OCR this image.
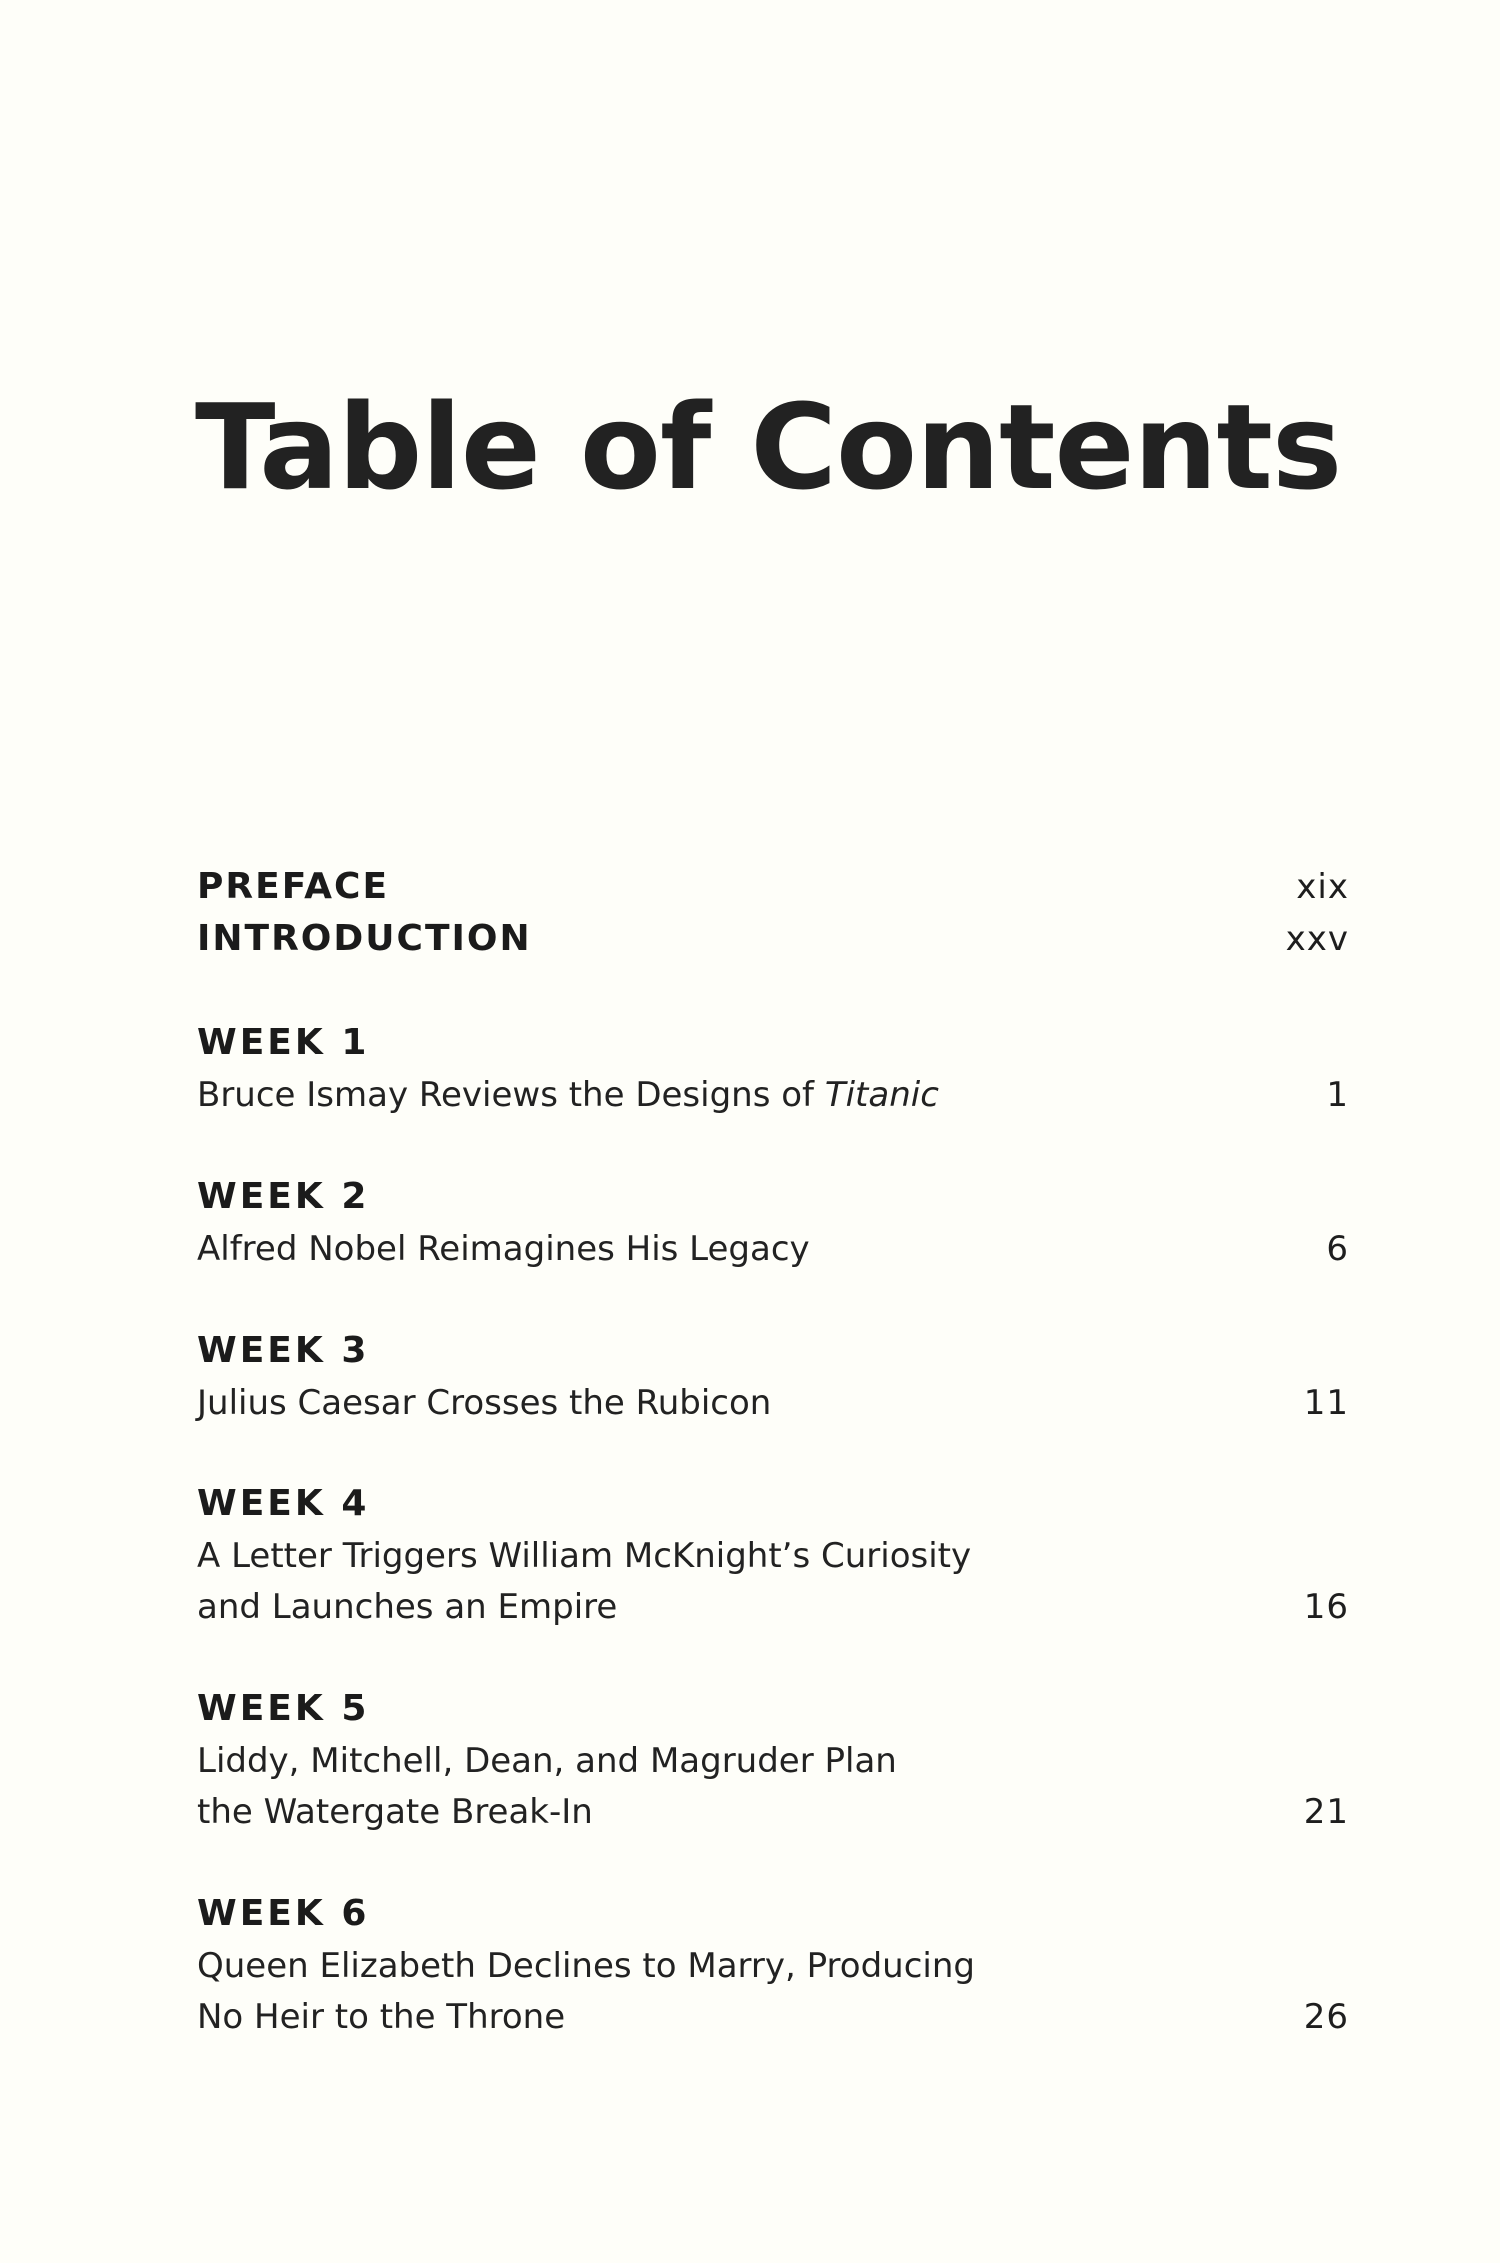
Table of Contents
PREFACE	xix
INTRODUCTION	xxv
WEEK 1
Bruce Ismay Reviews the Designs of Titanic	1
WEEK 2
Alfred Nobel Reimagines His Legacy	6
WEEK 3
Julius Caesar Crosses the Rubicon	11
WEEK 4
A Letter Triggers William McKnight’s Curiosity
and Launches an Empire	16
WEEK 5
Liddy, Mitchell, Dean, and Magruder Plan
the Watergate Break-In	21
WEEK 6
Queen Elizabeth Declines to Marry, Producing
No Heir to the Throne	26
